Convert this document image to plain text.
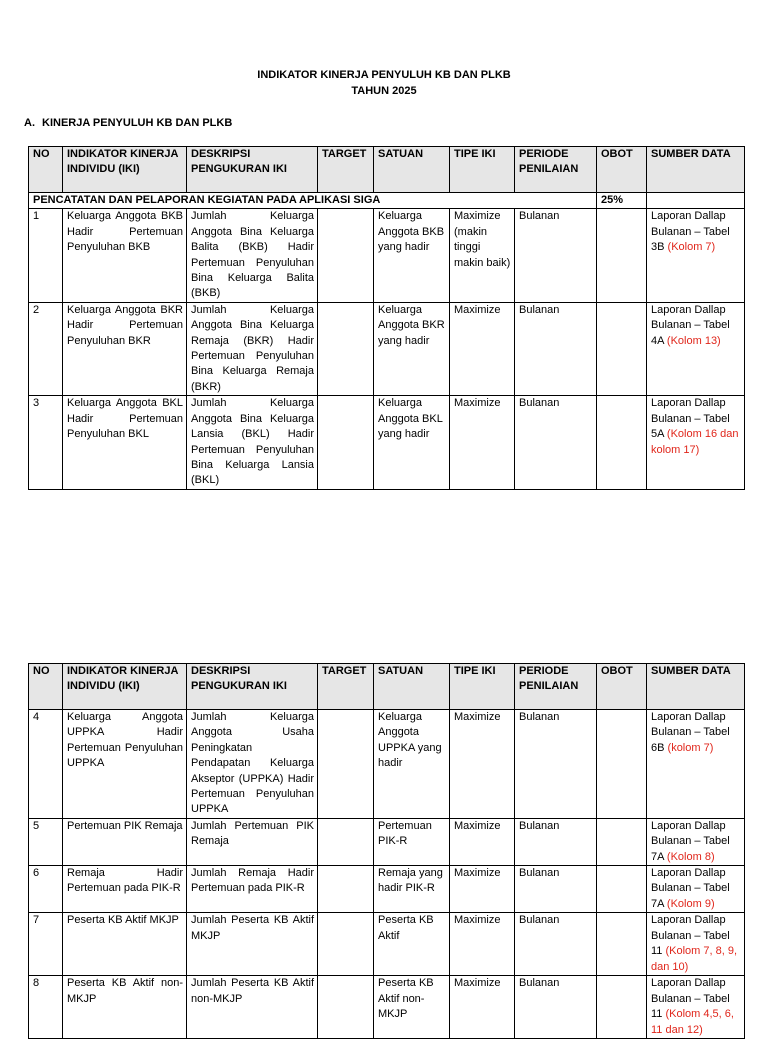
INDIKATOR KINERJA PENYULUH KB DAN PLKB
TAHUN 2025
A. KINERJA PENYULUH KB DAN PLKB
NO	INDIKATOR KINERJA INDIVIDU (IKI)	DESKRIPSI PENGUKURAN IKI	TARGET	SATUAN	TIPE IKI	PERIODE PENILAIAN	OBOT	SUMBER DATA
PENCATATAN DAN PELAPORAN KEGIATAN PADA APLIKASI SIGA							25%	
1	Keluarga Anggota BKB Hadir Pertemuan Penyuluhan BKB	Jumlah Keluarga Anggota Bina Keluarga Balita (BKB) Hadir Pertemuan Penyuluhan Bina Keluarga Balita (BKB)		Keluarga Anggota BKB yang hadir	Maximize (makin tinggi makin baik)	Bulanan		Laporan Dallap Bulanan – Tabel 3B (Kolom 7)
2	Keluarga Anggota BKR Hadir Pertemuan Penyuluhan BKR	Jumlah Keluarga Anggota Bina Keluarga Remaja (BKR) Hadir Pertemuan Penyuluhan Bina Keluarga Remaja (BKR)		Keluarga Anggota BKR yang hadir	Maximize	Bulanan		Laporan Dallap Bulanan – Tabel 4A (Kolom 13)
3	Keluarga Anggota BKL Hadir Pertemuan Penyuluhan BKL	Jumlah Keluarga Anggota Bina Keluarga Lansia (BKL) Hadir Pertemuan Penyuluhan Bina Keluarga Lansia (BKL)		Keluarga Anggota BKL yang hadir	Maximize	Bulanan		Laporan Dallap Bulanan – Tabel 5A (Kolom 16 dan kolom 17)
NO	INDIKATOR KINERJA INDIVIDU (IKI)	DESKRIPSI PENGUKURAN IKI	TARGET	SATUAN	TIPE IKI	PERIODE PENILAIAN	OBOT	SUMBER DATA
4	Keluarga Anggota UPPKA Hadir Pertemuan Penyuluhan UPPKA	Jumlah Keluarga Anggota Usaha Peningkatan Pendapatan Keluarga Akseptor (UPPKA) Hadir Pertemuan Penyuluhan UPPKA		Keluarga Anggota UPPKA yang hadir	Maximize	Bulanan		Laporan Dallap Bulanan – Tabel 6B (kolom 7)
5	Pertemuan PIK Remaja	Jumlah Pertemuan PIK Remaja		Pertemuan PIK-R	Maximize	Bulanan		Laporan Dallap Bulanan – Tabel 7A (Kolom 8)
6	Remaja Hadir Pertemuan pada PIK-R	Jumlah Remaja Hadir Pertemuan pada PIK-R		Remaja yang hadir PIK-R	Maximize	Bulanan		Laporan Dallap Bulanan – Tabel 7A (Kolom 9)
7	Peserta KB Aktif MKJP	Jumlah Peserta KB Aktif MKJP		Peserta KB Aktif	Maximize	Bulanan		Laporan Dallap Bulanan – Tabel 11 (Kolom 7, 8, 9, dan 10)
8	Peserta KB Aktif non-MKJP	Jumlah Peserta KB Aktif non-MKJP		Peserta KB Aktif non-MKJP	Maximize	Bulanan		Laporan Dallap Bulanan – Tabel 11 (Kolom 4,5, 6, 11 dan 12)
